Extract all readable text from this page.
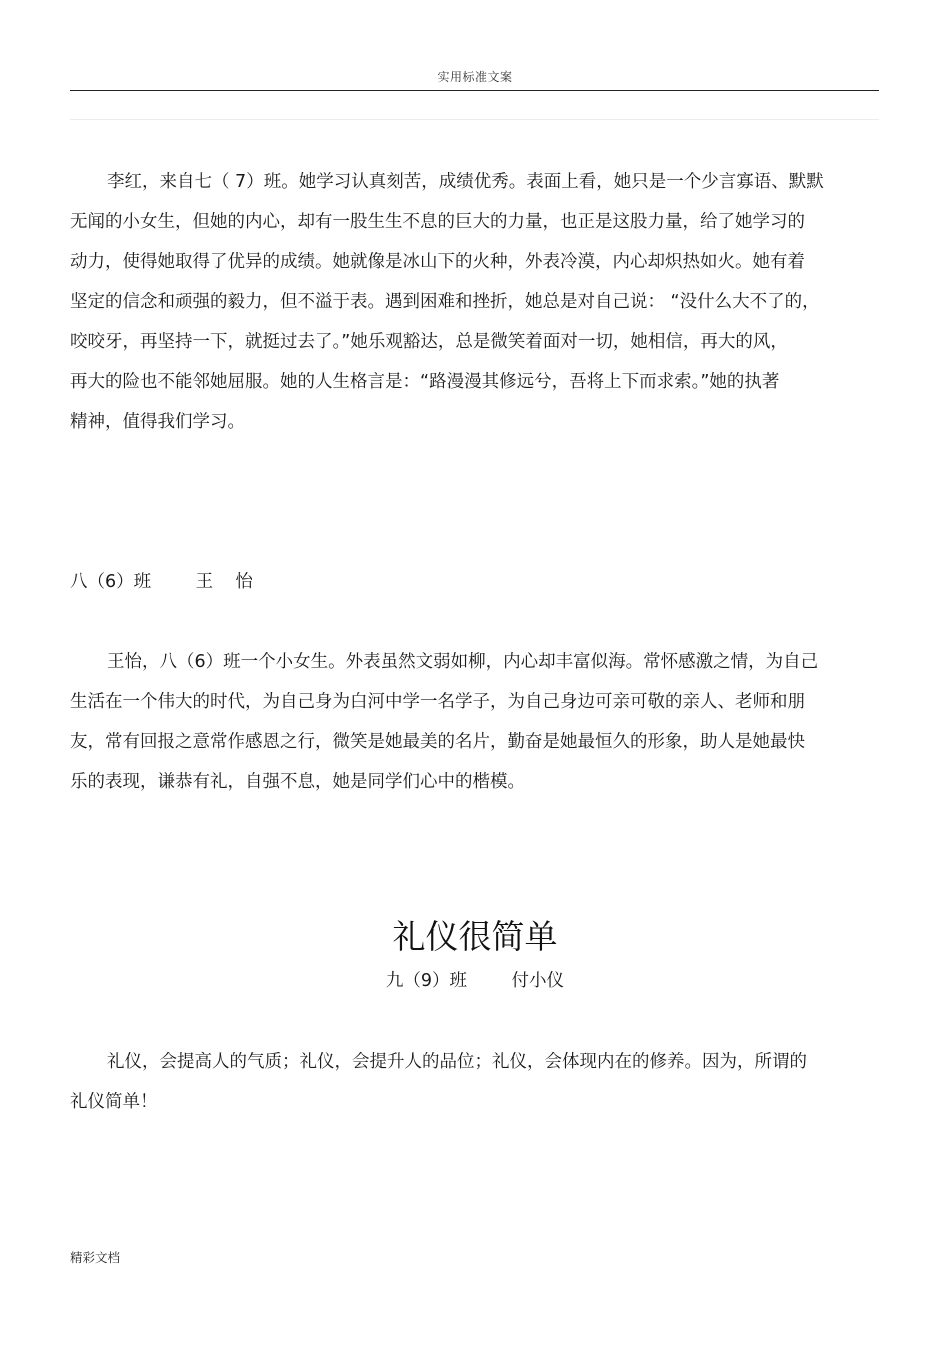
实用标准文案
李红，来自七（ 7）班。她学习认真刻苦，成绩优秀。表面上看，她只是一个少言寡语、默默
无闻的小女生，但她的内心，却有一股生生不息的巨大的力量，也正是这股力量，给了她学习的
动力，使得她取得了优异的成绩。她就像是冰山下的火种，外表冷漠，内心却炽热如火。她有着
坚定的信念和顽强的毅力，但不溢于表。遇到困难和挫折，她总是对自己说： “没什么大不了的，
咬咬牙，再坚持一下，就挺过去了。”她乐观豁达，总是微笑着面对一切，她相信，再大的风，
再大的险也不能邻她屈服。她的人生格言是：“路漫漫其修远兮，吾将上下而求索。”她的执著
精神，值得我们学习。
八（6）班        王    怡
王怡，八（6）班一个小女生。外表虽然文弱如柳，内心却丰富似海。常怀感激之情，为自己
生活在一个伟大的时代，为自己身为白河中学一名学子，为自己身边可亲可敬的亲人、老师和朋
友，常有回报之意常作感恩之行，微笑是她最美的名片，勤奋是她最恒久的形象，助人是她最快
乐的表现，谦恭有礼，自强不息，她是同学们心中的楷模。
礼仪很简单
九（9）班        付小仪
礼仪，会提高人的气质；礼仪，会提升人的品位；礼仪，会体现内在的修养。因为，所谓的
礼仪简单！
精彩文档
